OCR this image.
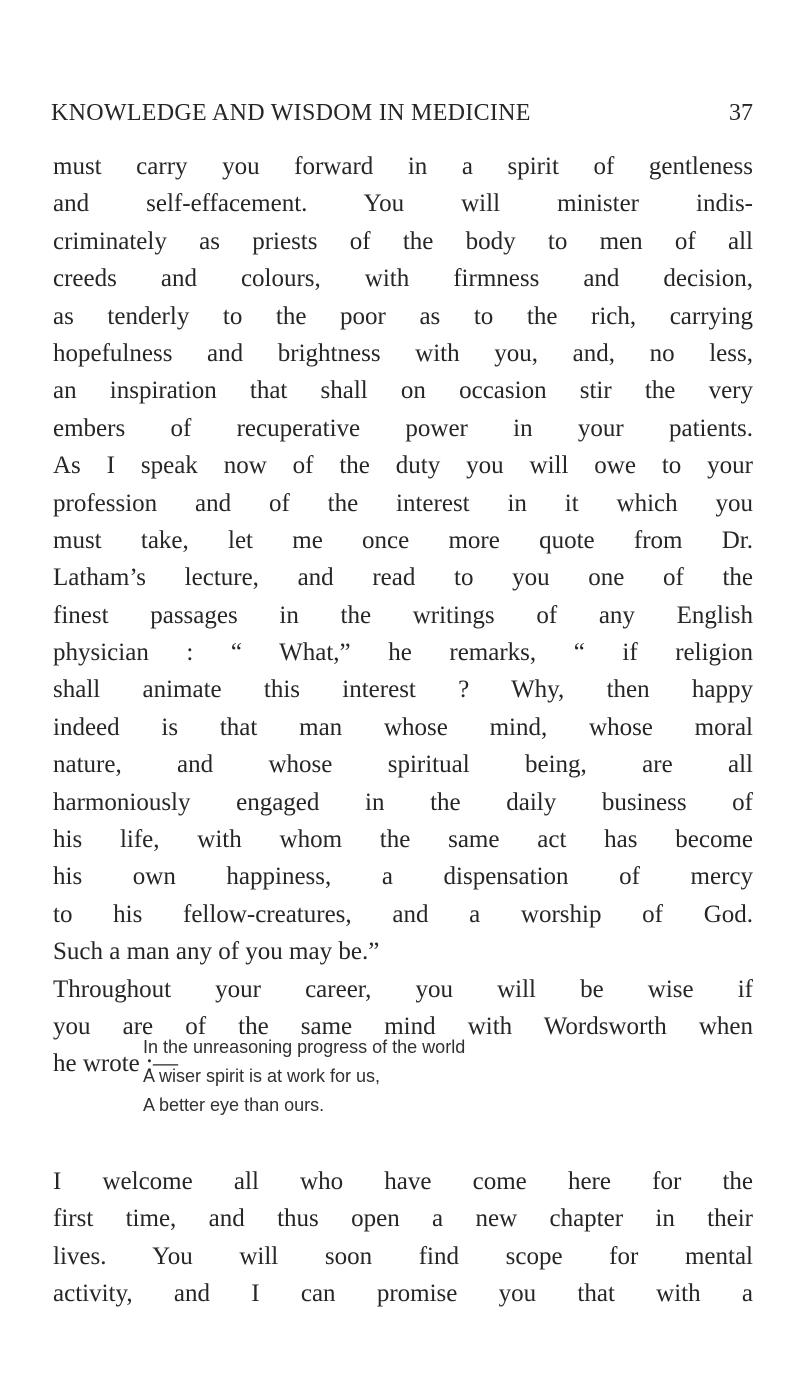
KNOWLEDGE AND WISDOM IN MEDICINE	37
must carry you forward in a spirit of gentleness
and self-effacement. You will minister indis-
criminately as priests of the body to men of all
creeds and colours, with firmness and decision,
as tenderly to the poor as to the rich, carrying
hopefulness and brightness with you, and, no less,
an inspiration that shall on occasion stir the very
embers of recuperative power in your patients.
As I speak now of the duty you will owe to your
profession and of the interest in it which you
must take, let me once more quote from Dr.
Latham’s lecture, and read to you one of the
finest passages in the writings of any English
physician : “ What,” he remarks, “ if religion
shall animate this interest ? Why, then happy
indeed is that man whose mind, whose moral
nature, and whose spiritual being, are all
harmoniously engaged in the daily business of
his life, with whom the same act has become
his own happiness, a dispensation of mercy
to his fellow-creatures, and a worship of God.
Such a man any of you may be.”
Throughout your career, you will be wise if
you are of the same mind with Wordsworth when
he wrote :—
In the unreasoning progress of the world
A wiser spirit is at work for us,
A better eye than ours.
I welcome all who have come here for the
first time, and thus open a new chapter in their
lives. You will soon find scope for mental
activity, and I can promise you that with a
